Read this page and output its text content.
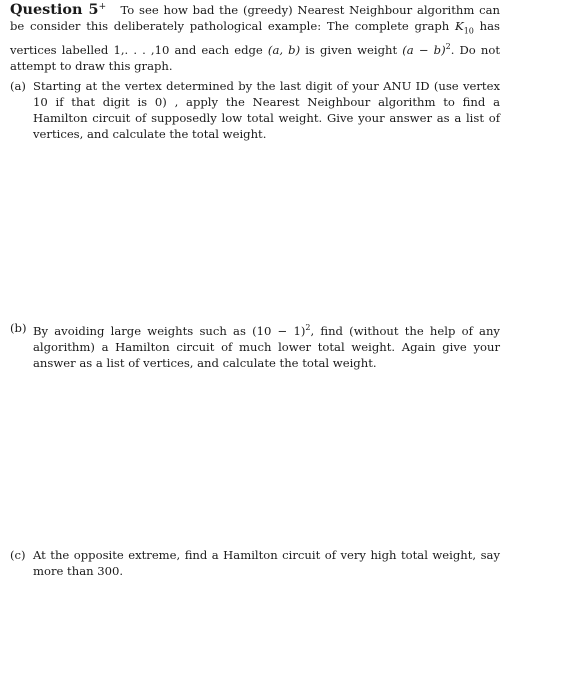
Question 5+ To see how bad the (greedy) Nearest Neighbour algorithm can be consider this deliberately pathological example: The complete graph $K_{10}$ has vertices labelled 1,. . . ,10 and each edge (a, b) is given weight $(a - b)^2$. Do not attempt to draw this graph.

(a) Starting at the vertex determined by the last digit of your ANU ID (use vertex 10 if that digit is 0) , apply the Nearest Neighbour algorithm to find a Hamilton circuit of supposedly low total weight. Give your answer as a list of vertices, and calculate the total weight.
(b) By avoiding large weights such as $(10 - 1)^2$, find (without the help of any algorithm) a Hamilton circuit of much lower total weight. Again give your answer as a list of vertices, and calculate the total weight.
(c) At the opposite extreme, find a Hamilton circuit of very high total weight, say more than 300.
